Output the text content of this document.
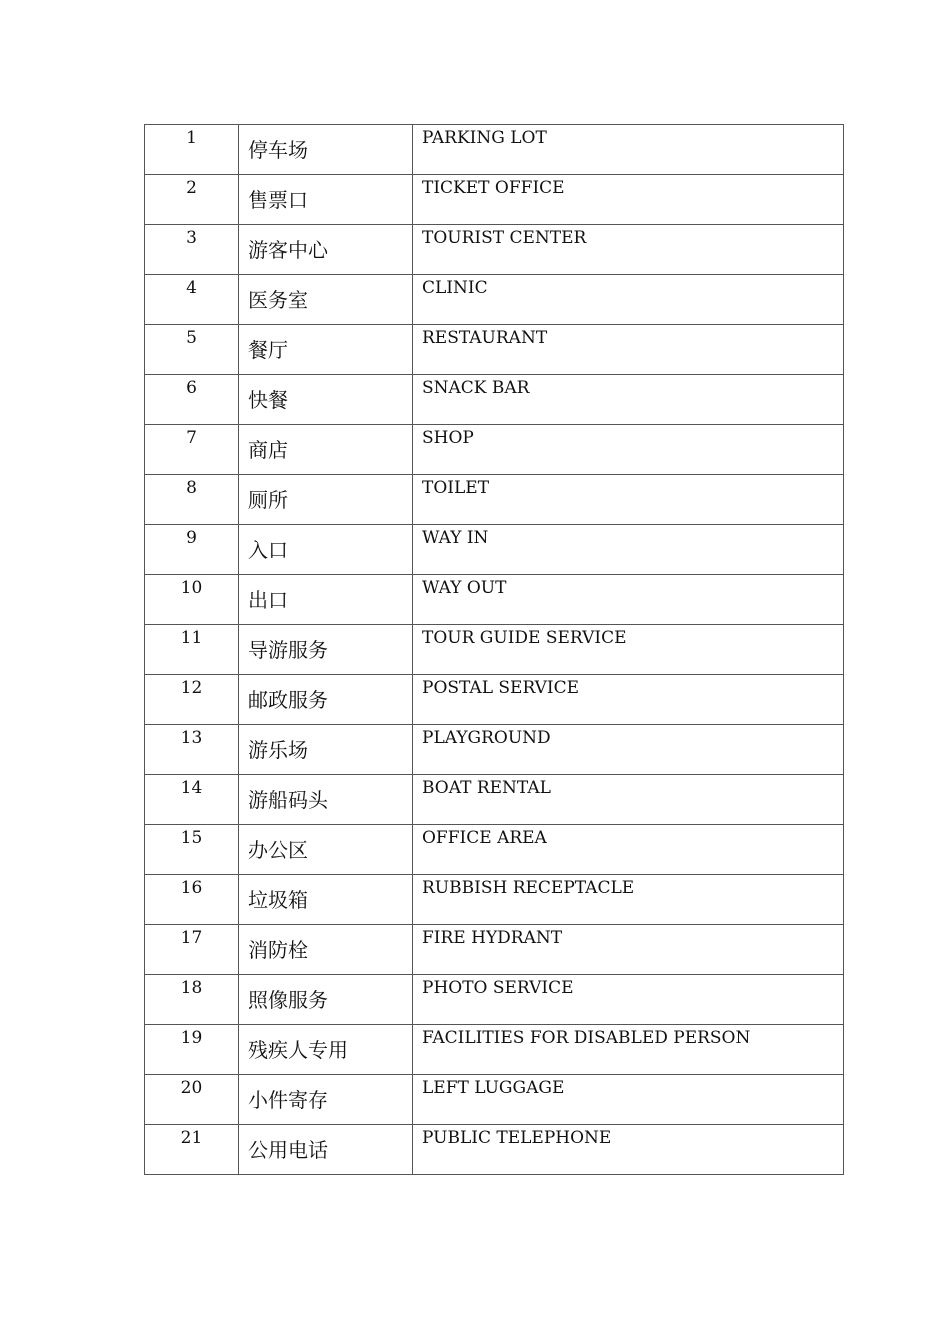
1	停车场	PARKING LOT
2	售票口	TICKET OFFICE
3	游客中心	TOURIST CENTER
4	医务室	CLINIC
5	餐厅	RESTAURANT
6	快餐	SNACK BAR
7	商店	SHOP
8	厕所	TOILET
9	入口	WAY IN
10	出口	WAY OUT
11	导游服务	TOUR GUIDE SERVICE
12	邮政服务	POSTAL SERVICE
13	游乐场	PLAYGROUND
14	游船码头	BOAT RENTAL
15	办公区	OFFICE AREA
16	垃圾箱	RUBBISH RECEPTACLE
17	消防栓	FIRE HYDRANT
18	照像服务	PHOTO SERVICE
19	残疾人专用	FACILITIES FOR DISABLED PERSON
20	小件寄存	LEFT LUGGAGE
21	公用电话	PUBLIC TELEPHONE
